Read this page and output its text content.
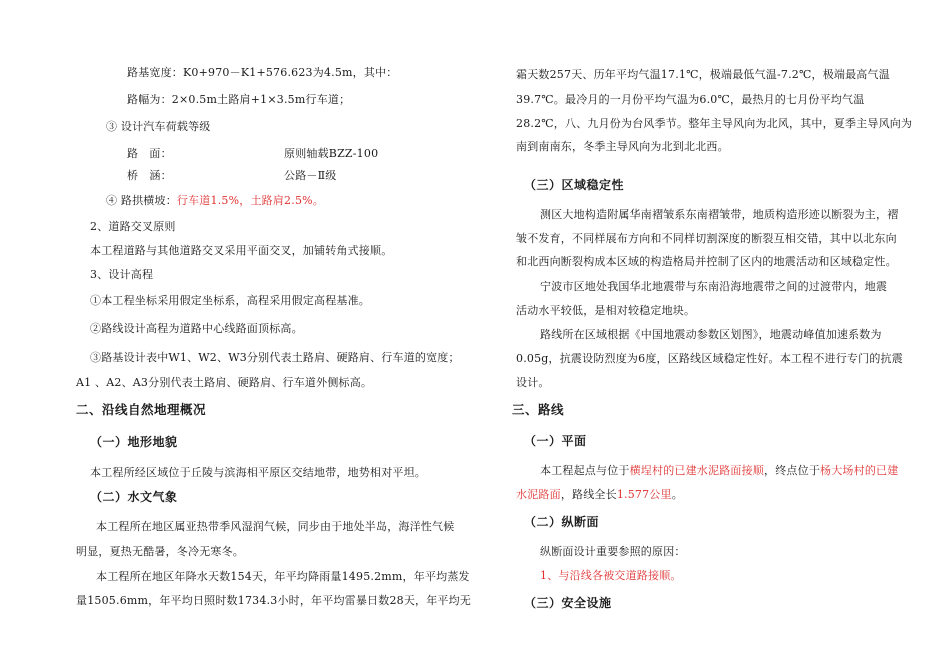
路基宽度：K0+970－K1+576.623为4.5m，其中：
路幅为：2×0.5m土路肩+1×3.5m行车道；
③ 设计汽车荷载等级
路　面：	原则轴载BZZ-100
桥　涵：	公路－Ⅱ级
④ 路拱横坡：行车道1.5%，土路肩2.5%。
2、道路交叉原则
本工程道路与其他道路交叉采用平面交叉，加铺转角式接顺。
3、设计高程
①本工程坐标采用假定坐标系，高程采用假定高程基准。
②路线设计高程为道路中心线路面顶标高。
③路基设计表中W1、W2、W3分别代表土路肩、硬路肩、行车道的宽度；
A1 、A2、A3分别代表土路肩、硬路肩、行车道外侧标高。
二、沿线自然地理概况
（一）地形地貌
本工程所经区域位于丘陵与滨海相平原区交结地带，地势相对平坦。
（二）水文气象
本工程所在地区属亚热带季风湿润气候，同步由于地处半岛，海洋性气候
明显，夏热无酷暑，冬冷无寒冬。
本工程所在地区年降水天数154天，年平均降雨量1495.2mm，年平均蒸发
量1505.6mm，年平均日照时数1734.3小时，年平均雷暴日数28天，年平均无
霜天数257天、历年平均气温17.1℃，极端最低气温-7.2℃，极端最高气温
39.7℃。最冷月的一月份平均气温为6.0℃，最热月的七月份平均气温
28.2℃，八、九月份为台风季节。整年主导风向为北风，其中，夏季主导风向为
南到南南东，冬季主导风向为北到北北西。
（三）区域稳定性
测区大地构造附属华南褶皱系东南褶皱带，地质构造形迹以断裂为主，褶
皱不发育，不同样展布方向和不同样切割深度的断裂互相交错，其中以北东向
和北西向断裂构成本区域的构造格局并控制了区内的地震活动和区域稳定性。
宁波市区地处我国华北地震带与东南沿海地震带之间的过渡带内，地震
活动水平较低，是相对较稳定地块。
路线所在区域根据《中国地震动参数区划图》，地震动峰值加速系数为
0.05g，抗震设防烈度为6度，区路线区域稳定性好。本工程不进行专门的抗震
设计。
三、路线
（一）平面
本工程起点与位于横埕村的已建水泥路面接顺，终点位于杨大场村的已建
水泥路面，路线全长1.577公里。
（二）纵断面
纵断面设计重要参照的原因：
1、与沿线各被交道路接顺。
（三）安全设施
